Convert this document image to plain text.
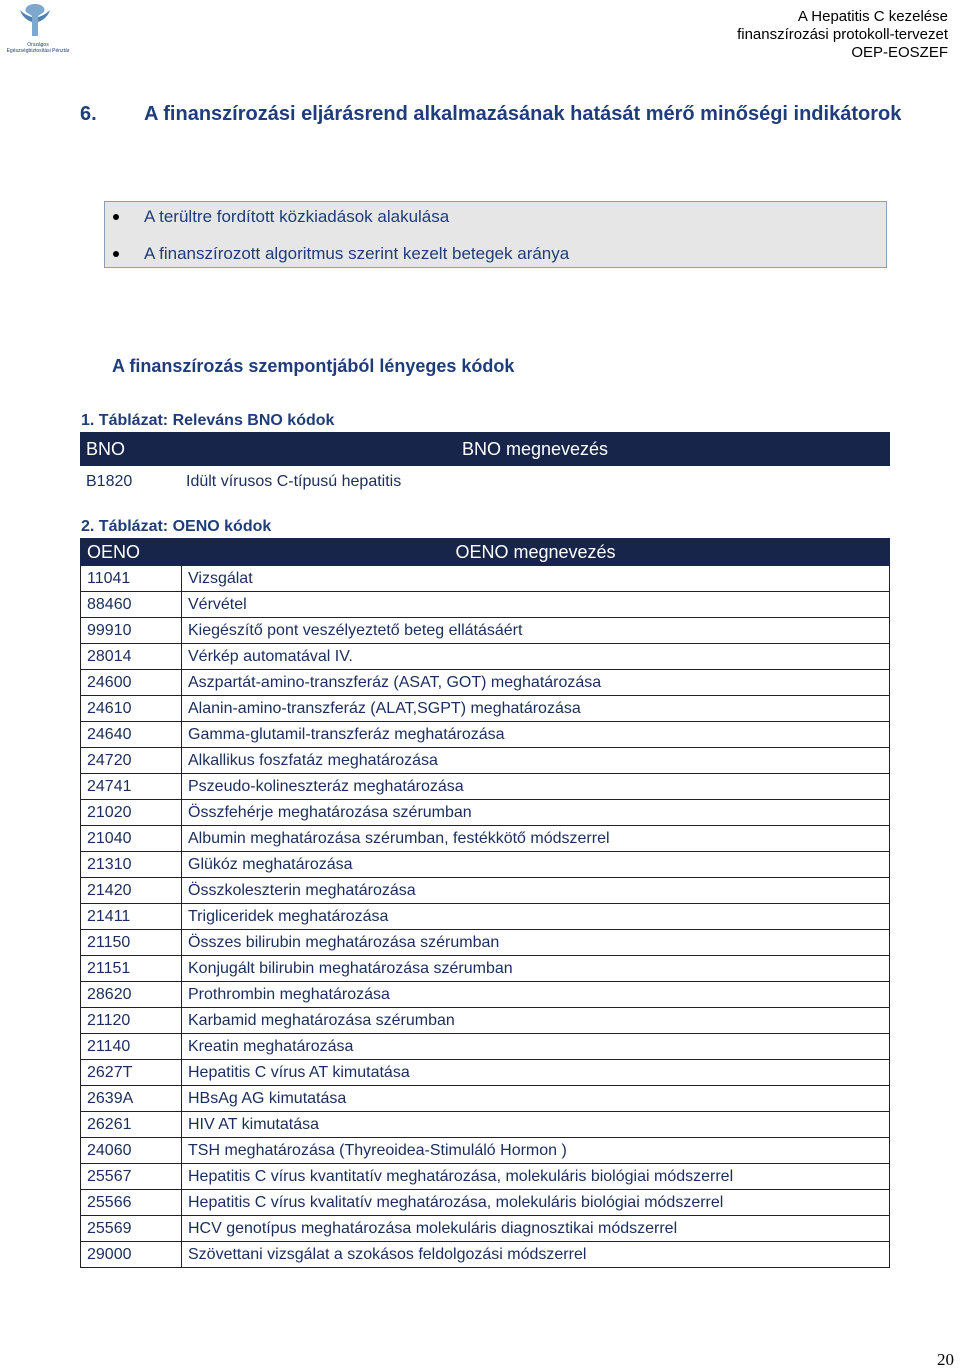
Országos Egészségbiztosítási Pénztár
A Hepatitis C kezelése
finanszírozási protokoll-tervezet
OEP-EOSZEF
6. A finanszírozási eljárásrend alkalmazásának hatását mérő minőségi indikátorok
A terültre fordított közkiadások alakulása
A finanszírozott algoritmus szerint kezelt betegek aránya
A finanszírozás szempontjából lényeges kódok
1. Táblázat: Releváns BNO kódok
BNO	BNO megnevezés
B1820	Idült vírusos C-típusú hepatitis
2. Táblázat: OENO kódok
OENO	OENO megnevezés
11041	Vizsgálat
88460	Vérvétel
99910	Kiegészítő pont veszélyeztető beteg ellátásáért
28014	Vérkép automatával IV.
24600	Aszpartát-amino-transzferáz (ASAT, GOT) meghatározása
24610	Alanin-amino-transzferáz (ALAT,SGPT) meghatározása
24640	Gamma-glutamil-transzferáz meghatározása
24720	Alkallikus foszfatáz meghatározása
24741	Pszeudo-kolineszteráz meghatározása
21020	Összfehérje meghatározása szérumban
21040	Albumin meghatározása szérumban, festékkötő módszerrel
21310	Glükóz meghatározása
21420	Összkoleszterin meghatározása
21411	Trigliceridek meghatározása
21150	Összes bilirubin meghatározása szérumban
21151	Konjugált bilirubin meghatározása szérumban
28620	Prothrombin meghatározása
21120	Karbamid meghatározása szérumban
21140	Kreatin meghatározása
2627T	Hepatitis C vírus AT kimutatása
2639A	HBsAg AG kimutatása
26261	HIV AT kimutatása
24060	TSH meghatározása (Thyreoidea-Stimuláló Hormon )
25567	Hepatitis C vírus kvantitatív meghatározása, molekuláris biológiai módszerrel
25566	Hepatitis C vírus kvalitatív meghatározása, molekuláris biológiai módszerrel
25569	HCV genotípus meghatározása molekuláris diagnosztikai módszerrel
29000	Szövettani vizsgálat a szokásos feldolgozási módszerrel
20
